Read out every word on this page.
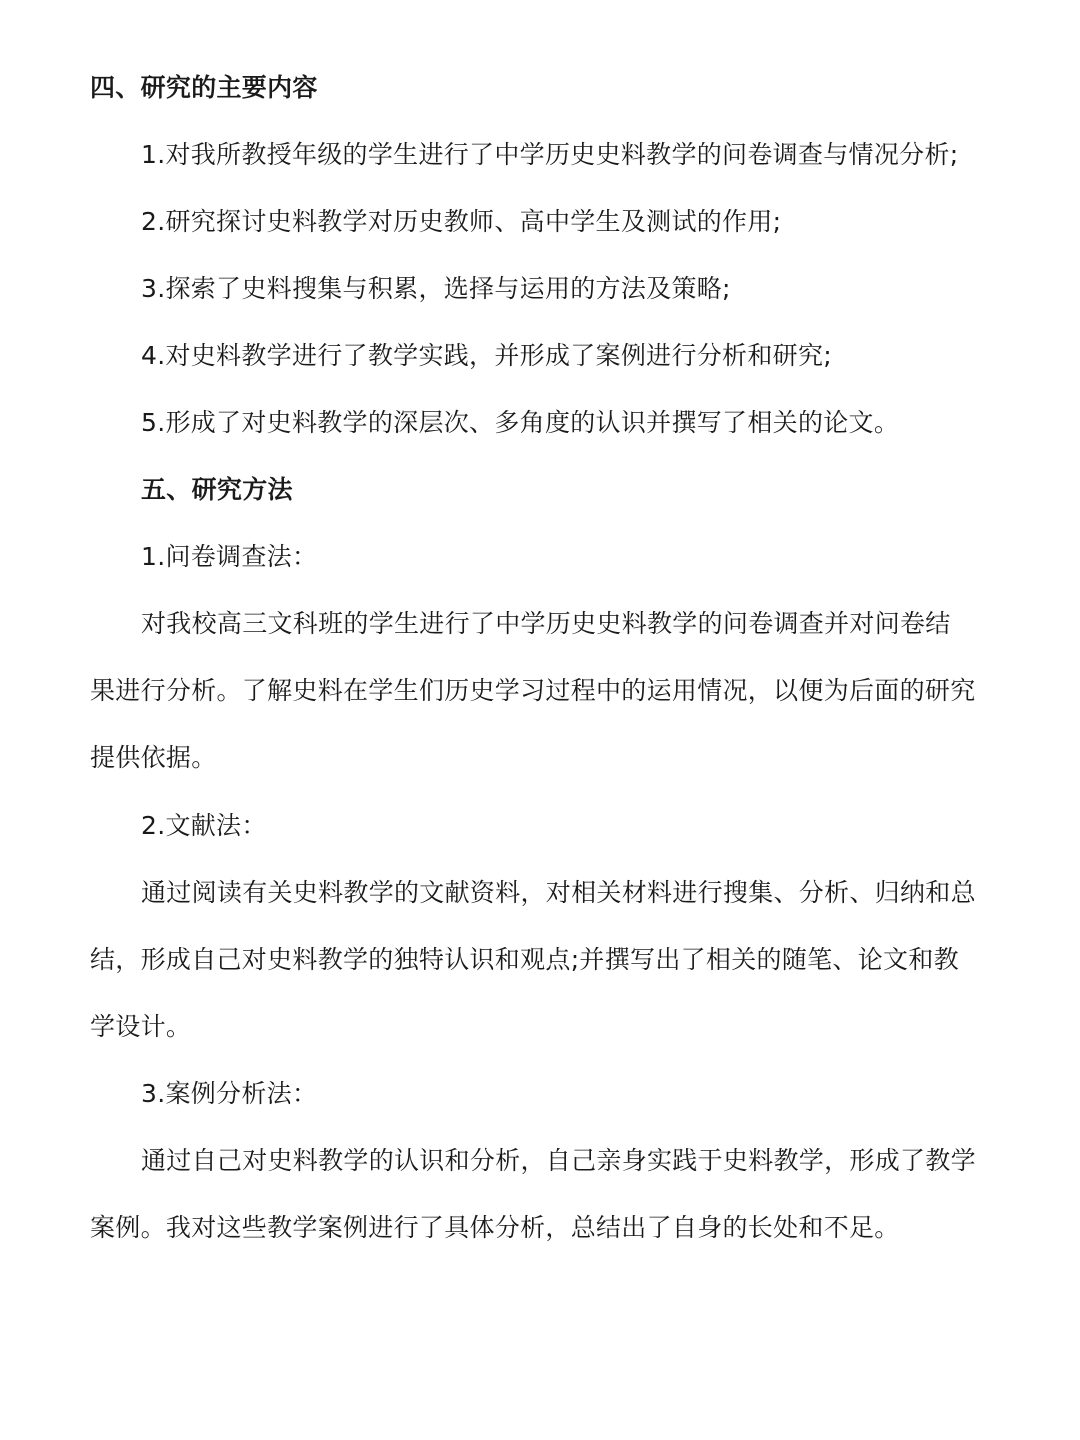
四、研究的主要内容
1.对我所教授年级的学生进行了中学历史史料教学的问卷调查与情况分析;
2.研究探讨史料教学对历史教师、高中学生及测试的作用;
3.探索了史料搜集与积累，选择与运用的方法及策略;
4.对史料教学进行了教学实践，并形成了案例进行分析和研究;
5.形成了对史料教学的深层次、多角度的认识并撰写了相关的论文。
五、研究方法
1.问卷调查法：
对我校高三文科班的学生进行了中学历史史料教学的问卷调查并对问卷结
果进行分析。了解史料在学生们历史学习过程中的运用情况，以便为后面的研究
提供依据。
2.文献法：
通过阅读有关史料教学的文献资料，对相关材料进行搜集、分析、归纳和总
结，形成自己对史料教学的独特认识和观点;并撰写出了相关的随笔、论文和教
学设计。
3.案例分析法：
通过自己对史料教学的认识和分析，自己亲身实践于史料教学，形成了教学
案例。我对这些教学案例进行了具体分析，总结出了自身的长处和不足。
